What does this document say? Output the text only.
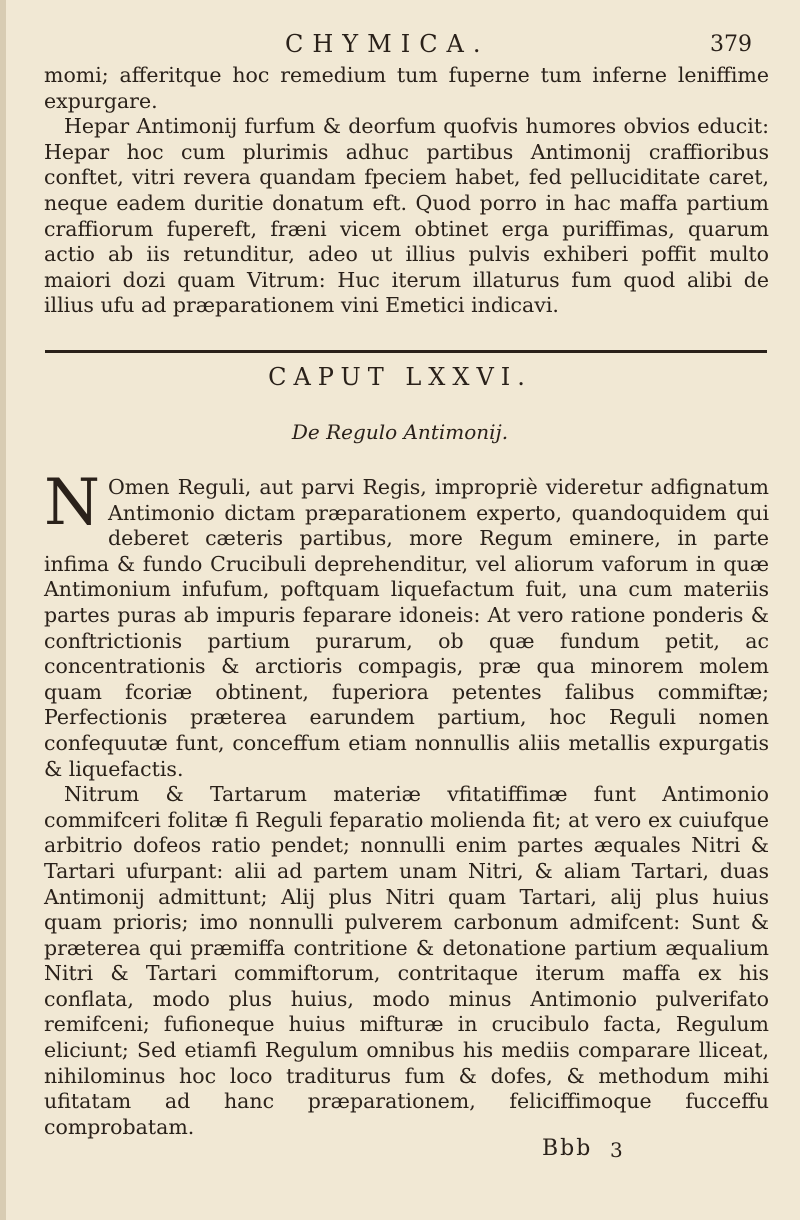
CHYMICA.	379

momi; afferitque hoc remedium tum fuperne tum inferne leniffime expurgare.

Hepar Antimonij furfum & deorfum quofvis humores obvios educit: Hepar hoc cum plurimis adhuc partibus Antimonij craffioribus conftet, vitri revera quandam fpeciem habet, fed pelluciditate caret, neque eadem duritie donatum eft. Quod porro in hac maffa partium craffiorum fupereft, fræni vicem obtinet erga puriffimas, quarum actio ab iis retunditur, adeo ut illius pulvis exhiberi poffit multo maiori dozi quam Vitrum: Huc iterum illaturus fum quod alibi de illius ufu ad præparationem vini Emetici indicavi.

CAPUT LXXVI.
De Regulo Antimonij.

N Omen Reguli, aut parvi Regis, impropriè videretur adfignatum Antimonio dictam præparationem experto, quandoquidem qui deberet cæteris partibus, more Regum eminere, in parte infima & fundo Crucibuli deprehenditur, vel aliorum vaforum in quæ Antimonium infufum, poftquam liquefactum fuit, una cum materiis partes puras ab impuris feparare idoneis: At vero ratione ponderis & conftrictionis partium purarum, ob quæ fundum petit, ac concentrationis & arctioris compagis, præ qua minorem molem quam fcoriæ obtinent, fuperiora petentes falibus commiftæ; Perfectionis præterea earundem partium, hoc Reguli nomen confequutæ funt, conceffum etiam nonnullis aliis metallis expurgatis & liquefactis.

Nitrum & Tartarum materiæ vfitatiffimæ funt Antimonio commifceri folitæ fi Reguli feparatio molienda fit; at vero ex cuiufque arbitrio dofeos ratio pendet; nonnulli enim partes æquales Nitri & Tartari ufurpant: alii ad partem unam Nitri, & aliam Tartari, duas Antimonij admittunt; Alij plus Nitri quam Tartari, alij plus huius quam prioris; imo nonnulli pulverem carbonum admifcent: Sunt & præterea qui præmiffa contritione & detonatione partium æqualium Nitri & Tartari commiftorum, contritaque iterum maffa ex his conflata, modo plus huius, modo minus Antimonio pulverifato remifceni; fufioneque huius mifturæ in crucibulo facta, Regulum eliciunt; Sed etiamfi Regulum omnibus his mediis comparare lliceat, nihilominus hoc loco traditurus fum & dofes, & methodum mihi ufitatam ad hanc præparationem, feliciffimoque fucceffu comprobatam.

Bbb 3
